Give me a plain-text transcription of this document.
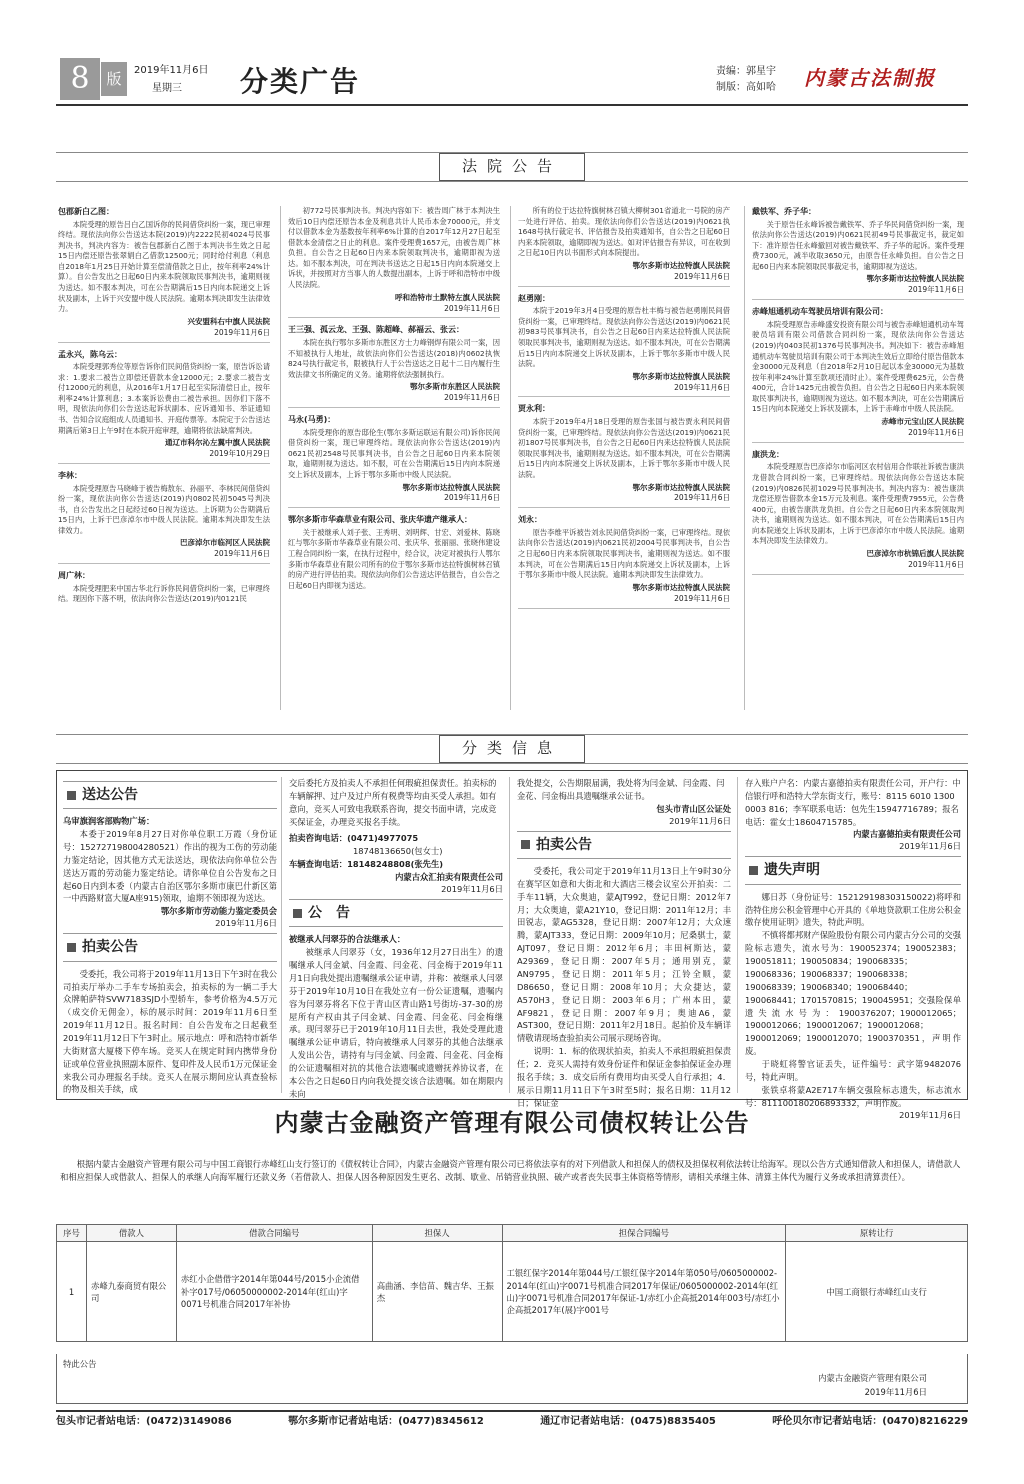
8	版	2019年11月6日
星期三 分类广告	责编：郭星宇
制版：高如哈 内蒙古法制报
法院公告
包郡新白乙图：
本院受理的原告吕白乙国诉你的民间借贷纠纷一案，现已审理终结。现依法向你公告送达本院(2019)内2222民初4024号民事判决书，判决内容为：被告包郡新白乙图于本判决书生效之日起15日内偿还原告张翠娟白乙借款12500元；同时给付利息（利息自2018年1月25日开始计算至偿清借款之日止，按年利率24%计算）。自公告发出之日起60日内来本院领取民事判决书，逾期则视为送达。如不服本判决，可在公告期满后15日内向本院递交上诉状及副本，上诉于兴安盟中级人民法院。逾期本判决即发生法律效力。
兴安盟科右中旗人民法院
2019年11月6日
孟永兴，陈乌云：
本院受理郭秀位等原告诉你们民间借贷纠纷一案，原告诉讼请求：1.要求二被告立即偿还借款本金12000元；2.要求二被告支付12000元的利息，从2016年1月17日起至实际清偿日止，按年利率24%计算利息；3.本案诉讼费由二被告承担。因你们下落不明，现依法向你们公告送达起诉状副本、应诉通知书、举证通知书、告知合议庭组成人员通知书、开庭传票等。本院定于公告送达期满后第3日上午9时在本院开庭审理，逾期将依法缺席判决。
通辽市科尔沁左翼中旗人民法院
2019年10月29日
李林：
本院受理原告马晓峰于被告梅敖东、孙丽平、李林民间借贷纠纷一案，现依法向你公告送达(2019)内0802民初5045号判决书，自公告发出之日起经过60日视为送达。上诉期为公告期满后15日内，上诉于巴彦淖尔市中级人民法院。逾期本判决即发生法律效力。
巴彦淖尔市临河区人民法院
2019年11月6日
周广林：
本院受理肥来中国古华北行诉你民间借贷纠纷一案，已审理终结。现因你下落不明，依法向你公告送达(2019)内0121民
初772号民事判决书。判决内容如下：被告周广林于本判决生效后10日内偿还原告本金及利息共计人民币本金70000元，并支付以借款本金为基数按年利率6%计算的自2017年12月27日起至借款本金清偿之日止的利息。案件受理费1657元，由被告周广林负担。自公告之日起60日内来本院领取判决书，逾期即视为送达。如不服本判决，可在判决书送达之日起15日内向本院递交上诉状，并按照对方当事人的人数提出副本，上诉于呼和浩特市中级人民法院。
呼和浩特市土默特左旗人民法院
2019年11月6日
王三强、孤云龙、王强、陈超峰、郝福云、张云：
本院在执行鄂尔多斯市东胜区方士力峰钢焊有限公司一案，因不知被执行人地址，故依法向你们公告送达(2018)内0602执恢824号执行裁定书，限被执行人于公告送达之日起十二日内履行生效法律文书所确定的义务。逾期将依法强制执行。
鄂尔多斯市东胜区人民法院
2019年11月6日
马永(马勇)：
本院受理你的原告邸伦生(鄂尔多斯运联运有限公司)诉你民间借贷纠纷一案，现已审理终结。现依法向你公告送达(2019)内0621民初2548号民事判决书，自公告之日起60日内来本院领取，逾期则视为送达。如不服，可在公告期满后15日内向本院递交上诉状及副本，上诉于鄂尔多斯市中级人民法院。
鄂尔多斯市达拉特旗人民法院
2019年11月6日
鄂尔多斯市华森草业有限公司、张庆华遗产继承人：
关于被继承人刘子张、王秀明、刘明辉、甘宏、刘爱林、陈晓红与鄂尔多斯市华森草业有限公司、张庆华、张丽丽、张晓伟建设工程合同纠纷一案，在执行过程中，经合议，决定对被执行人鄂尔多斯市华森草业有限公司所有的位于鄂尔多斯市达拉特旗树林召镇的房产进行评估拍卖。现依法向你们公告送达评估报告，自公告之日起60日内即视为送达。
所有的位于达拉特旗树林召镇大柳树301省道北一号院的房产一处进行评估、拍卖。现依法向你们公告送达(2019)内0621执1648号执行裁定书、评估报告及拍卖通知书，自公告之日起60日内来本院领取，逾期即视为送达。如对评估报告有异议，可在收到之日起10日内以书面形式向本院提出。
鄂尔多斯市达拉特旗人民法院
2019年11月6日
赵勇刚：
本院于2019年3月4日受理的原告杜丰梅与被告赵勇刚民间借贷纠纷一案，已审理终结。现依法向你公告送达(2019)内0621民初983号民事判决书，自公告之日起60日内来达拉特旗人民法院领取民事判决书，逾期则视为送达。如不服本判决，可在公告期满后15日内向本院递交上诉状及副本，上诉于鄂尔多斯市中级人民法院。
鄂尔多斯市达拉特旗人民法院
2019年11月6日
贾永利：
本院于2019年4月18日受理的原告张国与被告贾永利民间借贷纠纷一案，已审理终结。现依法向你公告送达(2019)内0621民初1807号民事判决书，自公告之日起60日内来达拉特旗人民法院领取民事判决书，逾期则视为送达。如不服本判决，可在公告期满后15日内向本院递交上诉状及副本，上诉于鄂尔多斯市中级人民法院。
鄂尔多斯市达拉特旗人民法院
2019年11月6日
刘永：
原告李维平诉被告刘永民间借贷纠纷一案，已审理终结。现依法向你公告送达(2019)内0621民初2004号民事判决书，自公告之日起60日内来本院领取民事判决书，逾期则视为送达。如不服本判决，可在公告期满后15日内向本院递交上诉状及副本，上诉于鄂尔多斯市中级人民法院。逾期本判决即发生法律效力。
鄂尔多斯市达拉特旗人民法院
2019年11月6日
戴铁军、乔子华：
关于原告任永峰诉被告戴铁军、乔子华民间借贷纠纷一案，现依法向你公告送达(2019)内0621民初49号民事裁定书，裁定如下：准许原告任永峰撤回对被告戴铁军、乔子华的起诉。案件受理费7300元，减半收取3650元，由原告任永峰负担。自公告之日起60日内来本院领取民事裁定书，逾期即视为送达。
鄂尔多斯市达拉特旗人民法院
2019年11月6日
赤峰旭通机动车驾驶员培训有限公司：
本院受理原告赤峰盛安投资有限公司与被告赤峰旭通机动车驾驶员培训有限公司借款合同纠纷一案，现依法向你公告送达(2019)内0403民初1376号民事判决书。判决如下：被告赤峰旭通机动车驾驶员培训有限公司于本判决生效后立即给付原告借款本金30000元及利息（自2018年2月10日起以本金30000元为基数按年利率24%计算至款项还清时止）。案件受理费625元，公告费400元，合计1425元由被告负担。自公告之日起60日内来本院领取民事判决书，逾期则视为送达。如不服本判决，可在公告期满后15日内向本院递交上诉状及副本，上诉于赤峰市中级人民法院。
赤峰市元宝山区人民法院
2019年11月6日
康洪龙：
本院受理原告巴彦淖尔市临河区农村信用合作联社诉被告康洪龙借款合同纠纷一案，已审理终结。现依法向你公告送达本院(2019)内0826民初1029号民事判决书。判决内容为：被告康洪龙偿还原告借款本金15万元及利息。案件受理费7955元，公告费400元，由被告康洪龙负担。自公告之日起60日内来本院领取判决书，逾期则视为送达。如不服本判决，可在公告期满后15日内向本院递交上诉状及副本，上诉于巴彦淖尔市中级人民法院。逾期本判决即发生法律效力。
巴彦淖尔市杭锦后旗人民法院
2019年11月6日
分类信息
送达公告
乌审旗润客部购物广场：
本委于2019年8月27日对你单位职工万霞（身份证号：152727198004280521）作出的视为工伤的劳动能力鉴定结论，因其他方式无法送达，现依法向你单位公告送达万霞的劳动能力鉴定结论。请你单位自公告发布之日起60日内到本委（内蒙古自治区鄂尔多斯市康巴什新区第一中西路财富大厦A座915)领取，逾期不领即视为送达。
鄂尔多斯市劳动能力鉴定委员会
2019年11月6日
拍卖公告
受委托，我公司将于2019年11月13日下午3时在我公司拍卖厅举办二手车专场拍卖会，拍卖标的为一辆二手大众牌帕萨特SVW7183SJD小型轿车，参考价格为4.5万元（成交价无佣金），标的展示时间：2019年11月6日至2019年11月12日。报名时间：自公告发布之日起截至2019年11月12日下午3时止。展示地点：呼和浩特市新华大街财富大厦楼下停车场。竞买人在规定时间内携带身份证或单位营业执照副本原件、复印件及人民币1万元保证金来我公司办理报名手续。竞买人在展示期间应认真查验标的物及相关手续，成
交后委托方及拍卖人不承担任何瑕疵担保责任。拍卖标的车辆解押、过户及过户所有税费等均由买受人承担。如有意向，竞买人可致电我联系咨询，提交书面申请，完成竞买保证金，办理竞买报名手续。
拍卖咨询电话：(0471)4977075
18748136650(包女士)
车辆查询电话：18148248808(张先生)
内蒙古众汇拍卖有限责任公司
2019年11月6日
公　告
被继承人闫翠芬的合法继承人：
被继承人闫翠芬（女，1936年12月27日出生）的遗嘱继承人闫金斌、闫金霞、闫金花、闫金梅于2019年11月1日向我处提出遗嘱继承公证申请，并称：被继承人闫翠芬于2019年10月10日在我处立有一份公证遗嘱，遗嘱内容为闫翠芬将名下位于青山区青山路1号街坊-37-30的房屋所有产权由其子闫金斌、闫金霞、闫金花、闫金梅继承。现闫翠芬已于2019年10月11日去世，我处受理此遗嘱继承公证申请后，特向被继承人闫翠芬的其他合法继承人发出公告，请持有与闫金斌、闫金霞、闫金花、闫金梅的公证遗嘱相对抗的其他合法遗嘱或遗赠抚养协议者，在本公告之日起60日内向我处提交该合法遗嘱。如在期限内未向
我处提交，公告期限届满，我处将为闫金斌、闫金霞、闫金花、闫金梅出具遗嘱继承公证书。
包头市青山区公证处
2019年11月6日
拍卖公告
受委托，我公司定于2019年11月13日上午9时30分在赛罕区如意和大街北和大酒店三楼会议室公开拍卖：二手车11辆，大众奥迪，蒙AJT992，登记日期：2012年7月；大众奥迪，蒙A21Y10，登记日期：2011年12月；丰田锐志，蒙AG5328，登记日期：2007年12月；大众速腾，蒙AJT333，登记日期：2009年10月；尼桑骐士，蒙AJT097，登记日期：2012年6月；丰田柯斯达，蒙A29369，登记日期：2007年5月；通用别克，蒙AN9795，登记日期：2011年5月；江铃全顺，蒙D86650，登记日期：2008年10月；大众捷达，蒙A570H3，登记日期：2003年6月；广州本田，蒙AF9821，登记日期：2007年9月；奥迪A6，蒙AST300，登记日期：2011年2月18日。起拍价及车辆详情敬请现场查验拍卖公司展示现场咨询。
说明：1．标的依现状拍卖，拍卖人不承担瑕疵担保责任；2．竞买人需持有效身份证件和保证金参拍保证金办理报名手续；3．成交后所有费用均由买受人自行承担；4．展示日期11月11日下午3时至5时；报名日期：11月12日；保证金
存入账户户名：内蒙古嘉德拍卖有限责任公司，开户行：中信银行呼和浩特大学东街支行，账号：8115 6010 1300 0003 816；李军联系电话：包先生15947716789；报名电话：霍女士18604715785。
内蒙古嘉德拍卖有限责任公司
2019年11月6日
遗失声明
娜日苏（身份证号：152129198303150022)将呼和浩特住房公积金管理中心开具的《单地贷款职工住房公积金缴存使用证明》遗失，特此声明。
不慎将都邦财产保险股份有限公司内蒙古分公司的交强险标志遗失，流水号为：190052374；190052383；190051811；190050834；190068335；190068336；190068337；190068338；190068339；190068340；190068440；190068441；1701570815；190045951；交强险保单遗失流水号为：1900376207；1900012065；1900012066；1900012067；1900012068；1900012069；1900012070；1900370351，声明作废。
于晓虹将警官证丢失，证件编号：武字第9482076号，特此声明。
张铁卓将蒙A2E717车辆交强险标志遗失，标志流水号：811100180206893332，声明作废。
2019年11月6日
内蒙古金融资产管理有限公司债权转让公告
根据内蒙古金融资产管理有限公司与中国工商银行赤峰红山支行签订的《债权转让合同》，内蒙古金融资产管理有限公司已将依法享有的对下列借款人和担保人的债权及担保权利依法转让给海军。现以公告方式通知借款人和担保人，请借款人和相应担保人或借款人、担保人的承继人向海军履行还款义务（若借款人、担保人因各种原因发生更名、改制、歇业、吊销营业执照、破产或者丧失民事主体资格等情形，请相关承继主体、清算主体代为履行义务或承担清算责任）。
序号	借款人	借款合同编号	担保人	担保合同编号	原转让行
1	赤峰九泰商贸有限公司	赤红小企借借字2014年第044号/2015小企流借补字017号/06050000002-2014年(红山)字0071号机准合同2017年补协	高曲涵、李信苗、魏吉华、王振杰	工银红保字2014年第044号/工银红保字2014年第050号/0605000002-2014年(红山)字0071号机准合同2017年保证/0605000002-2014年(红山)字0071号机准合同2017年保证-1/赤红小企高抵2014年003号/赤红小企高抵2017年(展)字001号	中国工商银行赤峰红山支行
特此公告
内蒙古金融资产管理有限公司
2019年11月6日
包头市记者站电话：(0472)3149086	鄂尔多斯市记者站电话：(0477)8345612	通辽市记者站电话：(0475)8835405	呼伦贝尔市记者站电话：(0470)8216229
